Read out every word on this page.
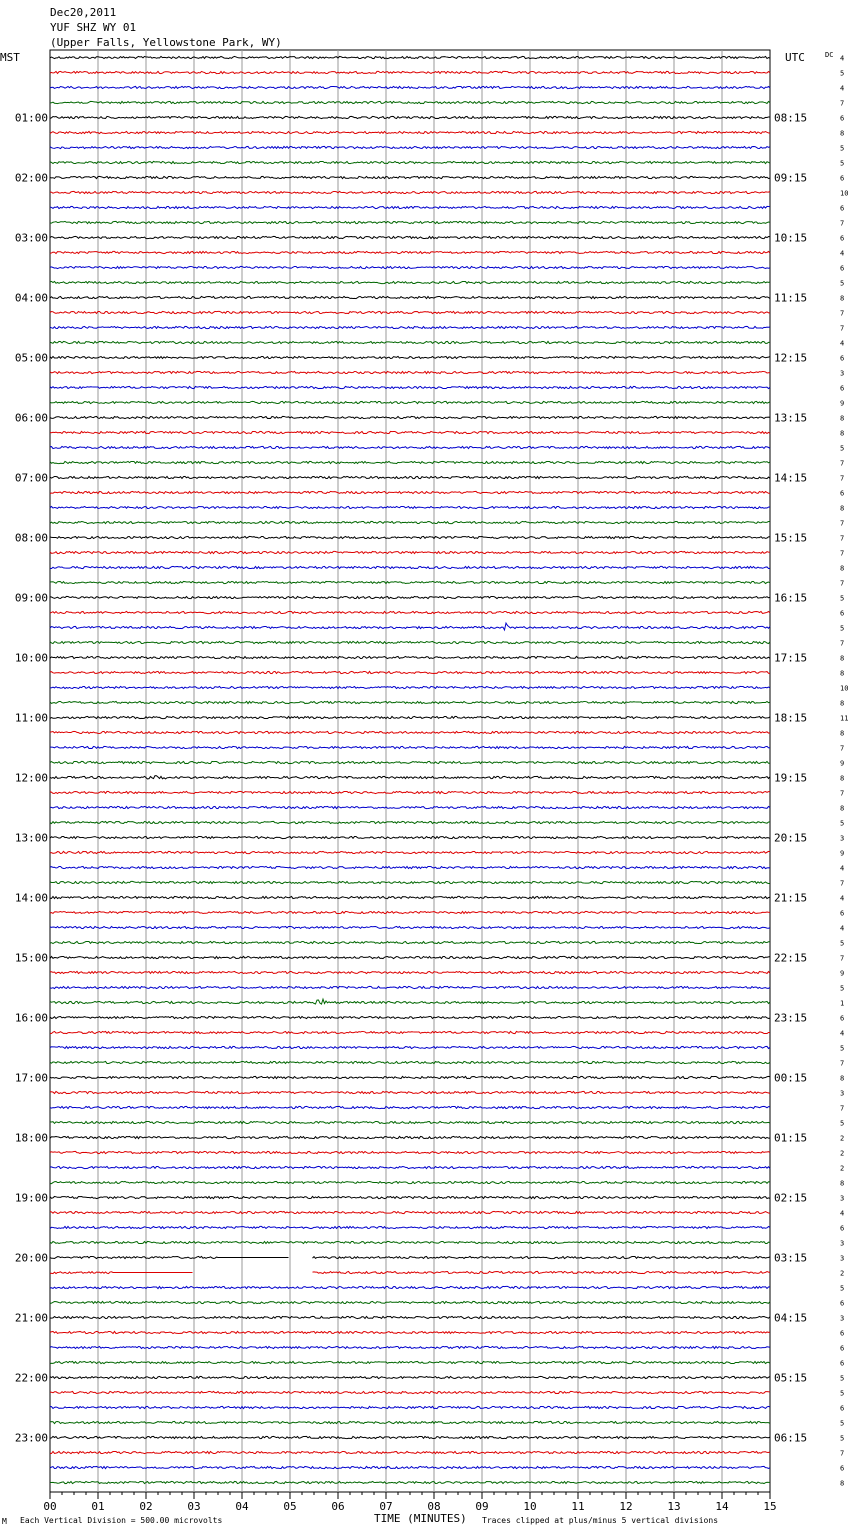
Dec20,2011
YUF SHZ WY 01
(Upper Falls, Yellowstone Park, WY)
MST	UTC	DC
01:00
02:00
03:00
04:00
05:00
06:00
07:00
08:00
09:00
10:00
11:00
12:00
13:00
14:00
15:00
16:00
17:00
18:00
19:00
20:00
21:00
22:00
23:00
08:15
09:15
10:15
11:15
12:15
13:15
14:15
15:15
16:15
17:15
18:15
19:15
20:15
21:15
22:15
23:15
00:15
01:15
02:15
03:15
04:15
05:15
06:15
4
5
4
7
6
8
5
5
6
10
6
7
6
4
6
5
8
7
7
4
6
3
6
9
8
8
5
7
7
6
8
7
7
7
8
7
5
6
5
7
8
8
10
8
11
8
7
9
8
7
8
5
3
9
4
7
4
6
4
5
7
9
5
1
6
4
5
7
8
3
7
5
2
2
2
8
3
4
6
3
3
2
5
6
3
6
6
6
5
5
6
5
5
7
6
8
00	01	02	03	04	05	06	07	08	09	10	11	12	13	14	15
M Each Vertical Division = 500.00 microvolts	TIME (MINUTES) Traces clipped at plus/minus 5 vertical divisions
